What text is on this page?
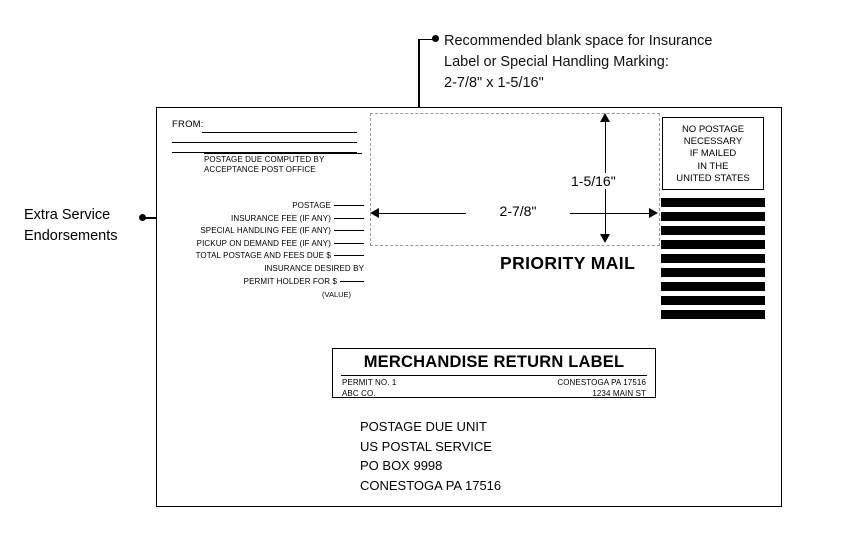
Recommended blank space for Insurance
Label or Special Handling Marking:
2-7/8" x 1-5/16"
Extra Service
Endorsements
FROM:
POSTAGE DUE COMPUTED BY
ACCEPTANCE POST OFFICE
POSTAGE
INSURANCE FEE (IF ANY)
SPECIAL HANDLING FEE (IF ANY)
PICKUP ON DEMAND FEE (IF ANY)
TOTAL POSTAGE AND FEES DUE $
INSURANCE DESIRED BY
PERMIT HOLDER FOR $
(VALUE)
2-7/8"
1-5/16"
PRIORITY MAIL
NO POSTAGE
NECESSARY
IF MAILED
IN THE
UNITED STATES
MERCHANDISE RETURN LABEL
PERMIT NO. 1	CONESTOGA PA 17516
ABC CO.	1234 MAIN ST
POSTAGE DUE UNIT
US POSTAL SERVICE
PO BOX 9998
CONESTOGA PA 17516
